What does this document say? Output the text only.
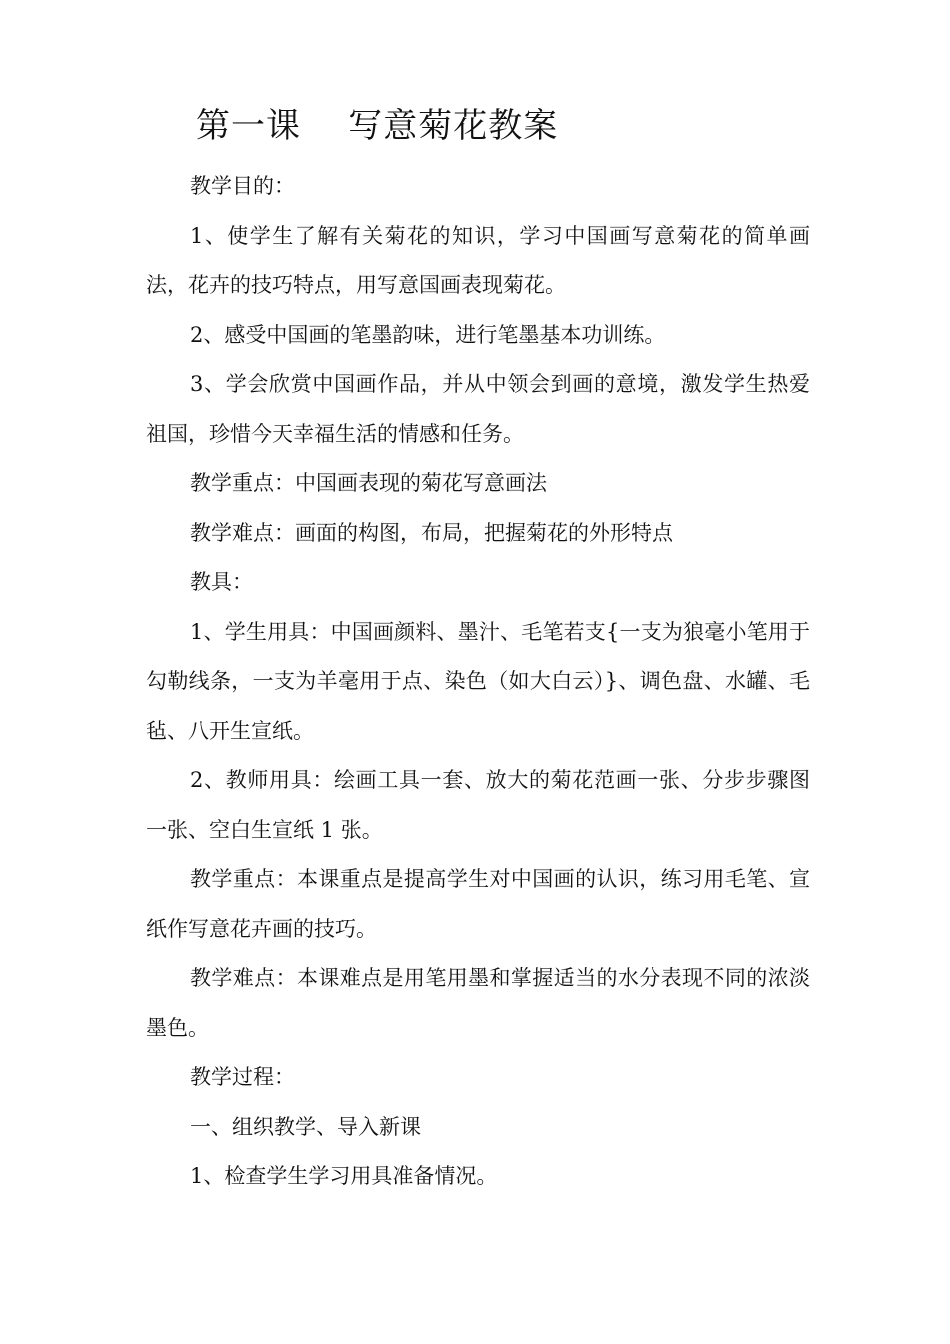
第一课    写意菊花教案

教学目的：

1、使学生了解有关菊花的知识，学习中国画写意菊花的简单画法，花卉的技巧特点，用写意国画表现菊花。

2、感受中国画的笔墨韵味，进行笔墨基本功训练。

3、学会欣赏中国画作品，并从中领会到画的意境，激发学生热爱祖国，珍惜今天幸福生活的情感和任务。

教学重点：中国画表现的菊花写意画法

教学难点：画面的构图，布局，把握菊花的外形特点

教具：

1、学生用具：中国画颜料、墨汁、毛笔若支{一支为狼毫小笔用于勾勒线条，一支为羊毫用于点、染色（如大白云）}、调色盘、水罐、毛毡、八开生宣纸。

2、教师用具：绘画工具一套、放大的菊花范画一张、分步步骤图一张、空白生宣纸 1 张。

教学重点：本课重点是提高学生对中国画的认识，练习用毛笔、宣纸作写意花卉画的技巧。

教学难点：本课难点是用笔用墨和掌握适当的水分表现不同的浓淡墨色。

教学过程：

一、组织教学、导入新课

1、检查学生学习用具准备情况。
